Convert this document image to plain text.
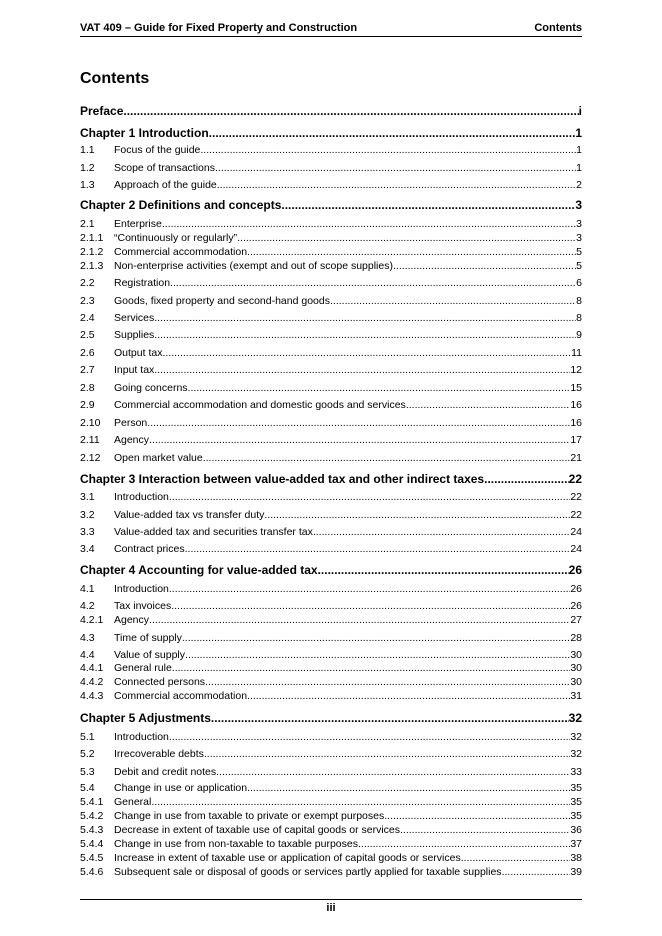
VAT 409 – Guide for Fixed Property and Construction	Contents
Contents
Preface .....	i
Chapter 1 Introduction .....	1
1.1 Focus of the guide .....	1
1.2 Scope of transactions .....	1
1.3 Approach of the guide .....	2
Chapter 2 Definitions and concepts .....	3
2.1 Enterprise .....	3
2.1.1 “Continuously or regularly” .....	3
2.1.2 Commercial accommodation .....	5
2.1.3 Non-enterprise activities (exempt and out of scope supplies) .....	5
2.2 Registration .....	6
2.3 Goods, fixed property and second-hand goods .....	8
2.4 Services .....	8
2.5 Supplies .....	9
2.6 Output tax .....	11
2.7 Input tax .....	12
2.8 Going concerns .....	15
2.9 Commercial accommodation and domestic goods and services .....	16
2.10 Person .....	16
2.11 Agency .....	17
2.12 Open market value .....	21
Chapter 3 Interaction between value-added tax and other indirect taxes .....	22
3.1 Introduction .....	22
3.2 Value-added tax vs transfer duty .....	22
3.3 Value-added tax and securities transfer tax .....	24
3.4 Contract prices .....	24
Chapter 4 Accounting for value-added tax .....	26
4.1 Introduction .....	26
4.2 Tax invoices .....	26
4.2.1 Agency .....	27
4.3 Time of supply .....	28
4.4 Value of supply .....	30
4.4.1 General rule .....	30
4.4.2 Connected persons .....	30
4.4.3 Commercial accommodation .....	31
Chapter 5 Adjustments .....	32
5.1 Introduction .....	32
5.2 Irrecoverable debts .....	32
5.3 Debit and credit notes .....	33
5.4 Change in use or application .....	35
5.4.1 General .....	35
5.4.2 Change in use from taxable to private or exempt purposes .....	35
5.4.3 Decrease in extent of taxable use of capital goods or services .....	36
5.4.4 Change in use from non-taxable to taxable purposes .....	37
5.4.5 Increase in extent of taxable use or application of capital goods or services .....	38
5.4.6 Subsequent sale or disposal of goods or services partly applied for taxable supplies .....	39
iii
